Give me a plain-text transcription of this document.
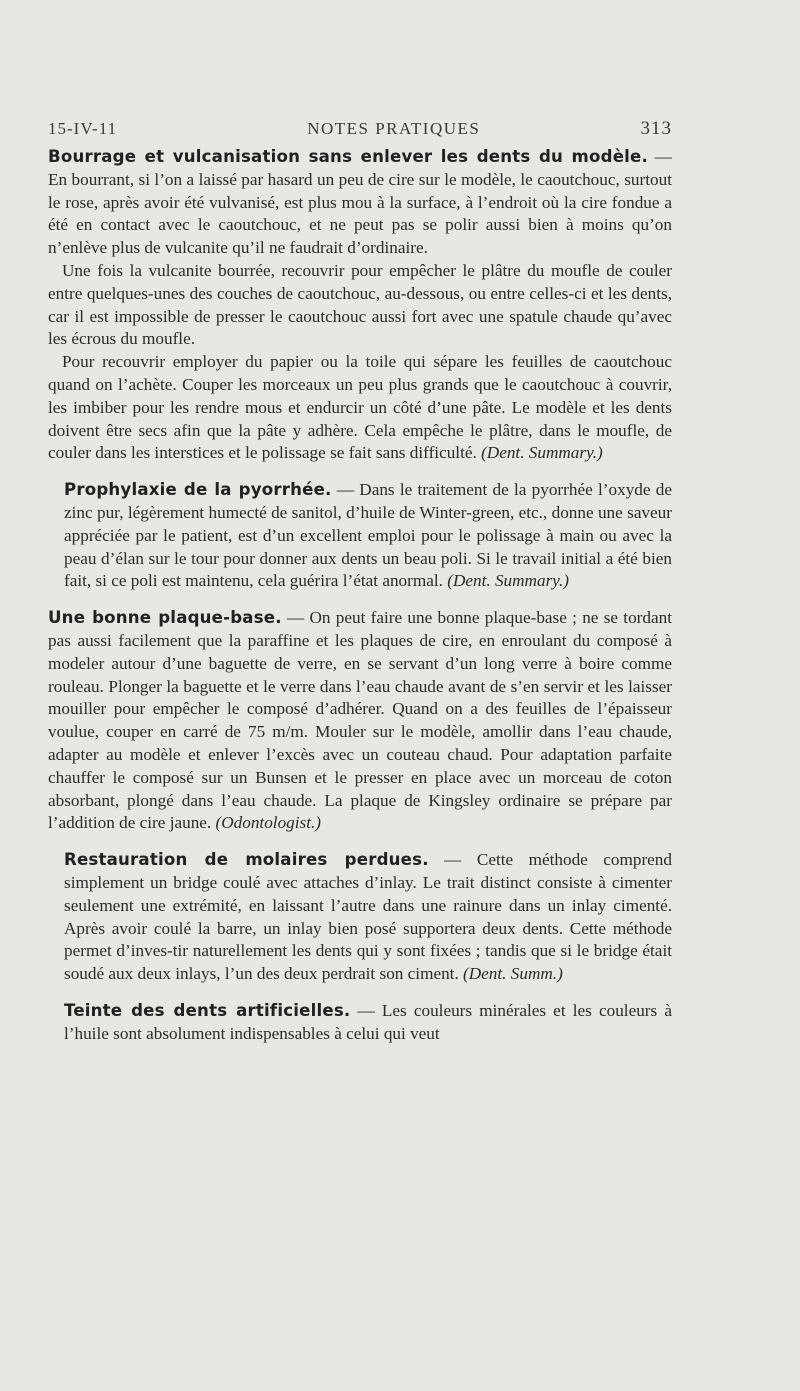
15-IV-11	NOTES PRATIQUES	313

Bourrage et vulcanisation sans enlever les dents du modèle. — En bourrant, si l’on a laissé par hasard un peu de cire sur le modèle, le caoutchouc, surtout le rose, après avoir été vulvanisé, est plus mou à la surface, à l’endroit où la cire fondue a été en contact avec le caoutchouc, et ne peut pas se polir aussi bien à moins qu’on n’enlève plus de vulcanite qu’il ne faudrait d’ordinaire.

Une fois la vulcanite bourrée, recouvrir pour empêcher le plâtre du moufle de couler entre quelques-unes des couches de caoutchouc, au-dessous, ou entre celles-ci et les dents, car il est impossible de presser le caoutchouc aussi fort avec une spatule chaude qu’avec les écrous du moufle.

Pour recouvrir employer du papier ou la toile qui sépare les feuilles de caoutchouc quand on l’achète. Couper les morceaux un peu plus grands que le caoutchouc à couvrir, les imbiber pour les rendre mous et endurcir un côté d’une pâte. Le modèle et les dents doivent être secs afin que la pâte y adhère. Cela empêche le plâtre, dans le moufle, de couler dans les interstices et le polissage se fait sans difficulté. (Dent. Summary.)

Prophylaxie de la pyorrhée. — Dans le traitement de la pyorrhée l’oxyde de zinc pur, légèrement humecté de sanitol, d’huile de Winter-green, etc., donne une saveur appréciée par le patient, est d’un excellent emploi pour le polissage à main ou avec la peau d’élan sur le tour pour donner aux dents un beau poli. Si le travail initial a été bien fait, si ce poli est maintenu, cela guérira l’état anormal. (Dent. Summary.)

Une bonne plaque-base. — On peut faire une bonne plaque-base ; ne se tordant pas aussi facilement que la paraffine et les plaques de cire, en enroulant du composé à modeler autour d’une baguette de verre, en se servant d’un long verre à boire comme rouleau. Plonger la baguette et le verre dans l’eau chaude avant de s’en servir et les laisser mouiller pour empêcher le composé d’adhérer. Quand on a des feuilles de l’épaisseur voulue, couper en carré de 75 m/m. Mouler sur le modèle, amollir dans l’eau chaude, adapter au modèle et enlever l’excès avec un couteau chaud. Pour adaptation parfaite chauffer le composé sur un Bunsen et le presser en place avec un morceau de coton absorbant, plongé dans l’eau chaude. La plaque de Kingsley ordinaire se prépare par l’addition de cire jaune. (Odontologist.)

Restauration de molaires perdues. — Cette méthode comprend simplement un bridge coulé avec attaches d’inlay. Le trait distinct consiste à cimenter seulement une extrémité, en laissant l’autre dans une rainure dans un inlay cimenté. Après avoir coulé la barre, un inlay bien posé supportera deux dents. Cette méthode permet d’inves-tir naturellement les dents qui y sont fixées ; tandis que si le bridge était soudé aux deux inlays, l’un des deux perdrait son ciment. (Dent. Summ.)

Teinte des dents artificielles. — Les couleurs minérales et les couleurs à l’huile sont absolument indispensables à celui qui veut
